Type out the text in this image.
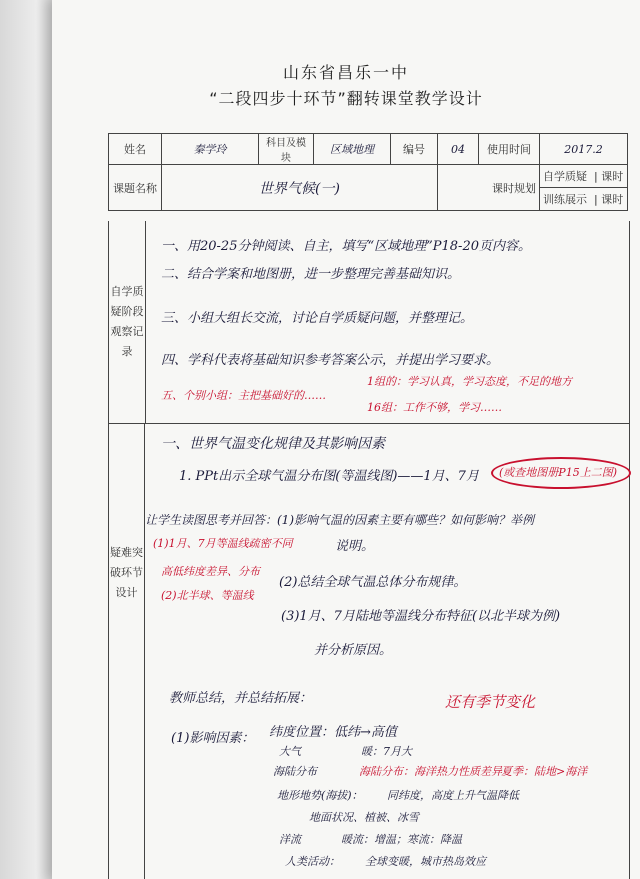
山东省昌乐一中
“二段四步十环节”翻转课堂教学设计
姓名	秦学玲	科目及模块	区域地理	编号	04	使用时间	2017.2
课题名称	世界气候(一)				课时规划		自学质疑  | 课时
							训练展示  | 课时
自学质疑阶段观察记录
疑难突破环节设计
一、用20-25分钟阅读、自主，填写“区域地理”P18-20页内容。
二、结合学案和地图册，进一步整理完善基础知识。
三、小组大组长交流，讨论自学质疑问题，并整理记。
四、学科代表将基础知识参考答案公示，并提出学习要求。
五、个别小组：主把基础好的……
1组的：学习认真，学习态度，不足的地方
16组：工作不够，学习……
一、世界气温变化规律及其影响因素
1. PPt出示全球气温分布图(等温线图)——1月、7月 (或查地图册P15上二图)
让学生读图思考并回答：(1)影响气温的因素主要有哪些？如何影响？举例
(1)1月、7月等温线疏密不同	说明。
高低纬度差异、分布
(2)北半球、等温线
(2)总结全球气温总体分布规律。
(3)1月、7月陆地等温线分布特征(以北半球为例)
并分析原因。
教师总结，并总结拓展：	还有季节变化
(1)影响因素： 纬度位置：低纬→高值
大气	暖：7月大
海陆分布	海陆分布：海洋热力性质差异 夏季：陆地>海洋
地形地势(海拔)： 同纬度，高度上升气温降低
地面状况、植被、冰雪
洋流	暖流：增温；寒流：降温
人类活动： 全球变暖，城市热岛效应
